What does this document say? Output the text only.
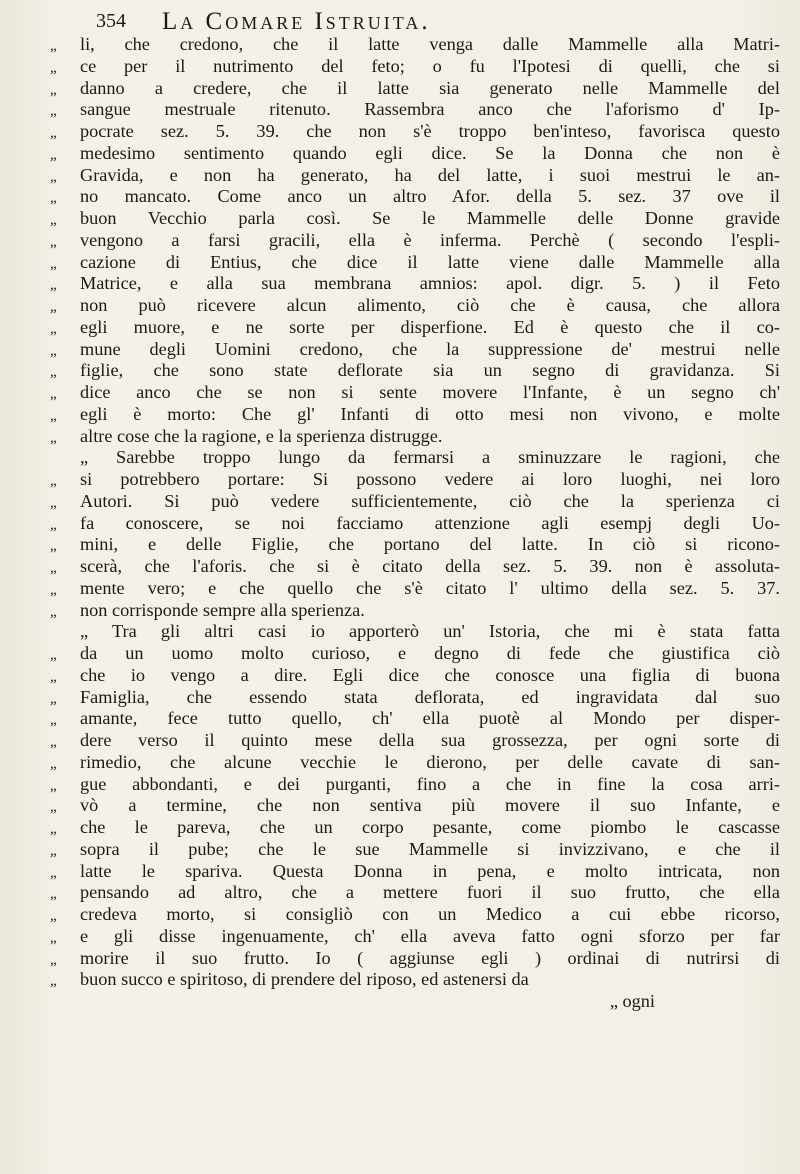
354 La Comare Istruita.
„ li, che credono, che il latte venga dalle Mammelle alla Matri-
„ ce per il nutrimento del feto; o fu l'Ipotesi di quelli, che si
„ danno a credere, che il latte sia generato nelle Mammelle del
„ sangue mestruale ritenuto. Rassembra anco che l'aforismo d' Ip-
„ pocrate sez. 5. 39. che non s'è troppo ben'inteso, favorisca questo
„ medesimo sentimento quando egli dice. Se la Donna che non è
„ Gravida, e non ha generato, ha del latte, i suoi mestrui le an-
„ no mancato. Come anco un altro Afor. della 5. sez. 37 ove il
„ buon Vecchio parla così. Se le Mammelle delle Donne gravide
„ vengono a farsi gracili, ella è inferma. Perchè ( secondo l'espli-
„ cazione di Entius, che dice il latte viene dalle Mammelle alla
„ Matrice, e alla sua membrana amnios: apol. digr. 5. ) il Feto
„ non può ricevere alcun alimento, ciò che è causa, che allora
„ egli muore, e ne sorte per disperfione. Ed è questo che il co-
„ mune degli Uomini credono, che la suppressione de' mestrui nelle
„ figlie, che sono state deflorate sia un segno di gravidanza. Si
„ dice anco che se non si sente movere l'Infante, è un segno ch'
„ egli è morto: Che gl' Infanti di otto mesi non vivono, e molte
„ altre cose che la ragione, e la sperienza distrugge.
„ Sarebbe troppo lungo da fermarsi a sminuzzare le ragioni, che
„ si potrebbero portare: Si possono vedere ai loro luoghi, nei loro
„ Autori. Si può vedere sufficientemente, ciò che la sperienza ci
„ fa conoscere, se noi facciamo attenzione agli esempj degli Uo-
„ mini, e delle Figlie, che portano del latte. In ciò si ricono-
„ scerà, che l'aforis. che si è citato della sez. 5. 39. non è assoluta-
„ mente vero; e che quello che s'è citato l' ultimo della sez. 5. 37.
„ non corrisponde sempre alla sperienza.
„ Tra gli altri casi io apporterò un' Istoria, che mi è stata fatta
„ da un uomo molto curioso, e degno di fede che giustifica ciò
„ che io vengo a dire. Egli dice che conosce una figlia di buona
„ Famiglia, che essendo stata deflorata, ed ingravidata dal suo
„ amante, fece tutto quello, ch' ella puotè al Mondo per disper-
„ dere verso il quinto mese della sua grossezza, per ogni sorte di
„ rimedio, che alcune vecchie le dierono, per delle cavate di san-
„ gue abbondanti, e dei purganti, fino a che in fine la cosa arri-
„ vò a termine, che non sentiva più movere il suo Infante, e
„ che le pareva, che un corpo pesante, come piombo le cascasse
„ sopra il pube; che le sue Mammelle si invizzivano, e che il
„ latte le spariva. Questa Donna in pena, e molto intricata, non
„ pensando ad altro, che a mettere fuori il suo frutto, che ella
„ credeva morto, si consigliò con un Medico a cui ebbe ricorso,
„ e gli disse ingenuamente, ch' ella aveva fatto ogni sforzo per far
„ morire il suo frutto. Io ( aggiunse egli ) ordinai di nutrirsi di
„ buon succo e spiritoso, di prendere del riposo, ed astenersi da
„ ogni
